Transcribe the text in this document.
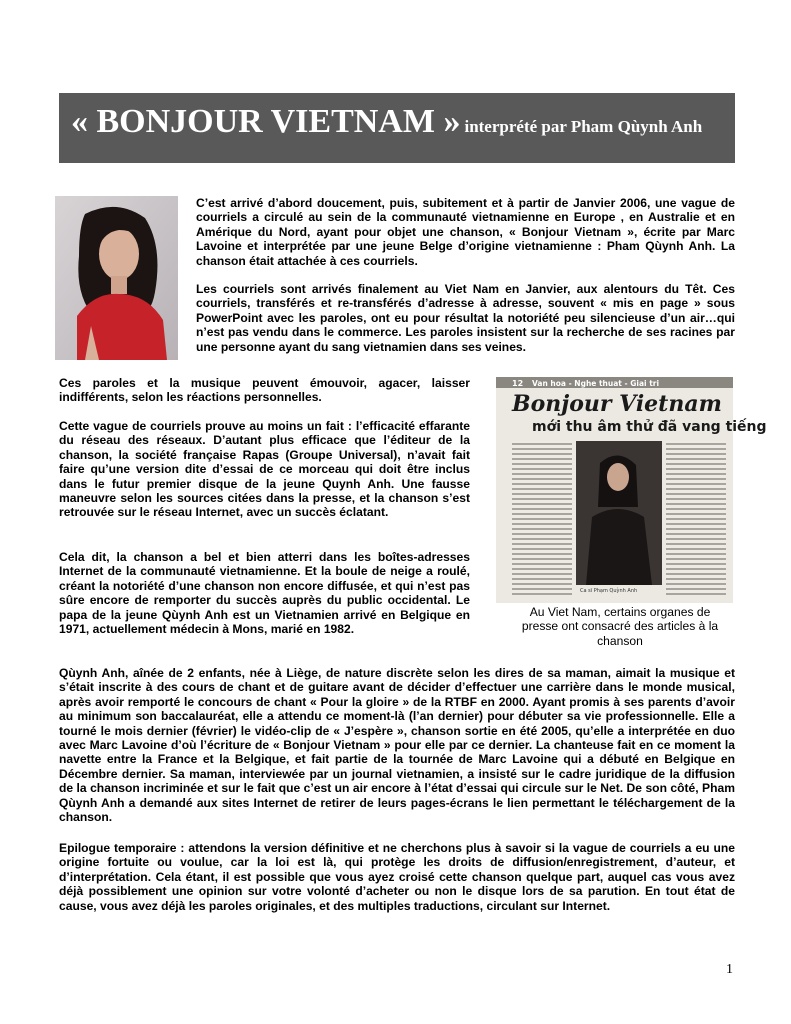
« BONJOUR VIETNAM » interprété par Pham Qùynh Anh

C’est arrivé d’abord doucement, puis, subitement et à partir de Janvier 2006, une vague de courriels a circulé au sein de la communauté vietnamienne en Europe , en Australie et en Amérique du Nord, ayant pour objet une chanson, « Bonjour Vietnam », écrite par Marc Lavoine et interprétée par une jeune Belge d’origine vietnamienne : Pham Qùynh Anh. La chanson était attachée à ces courriels.

Les courriels sont arrivés finalement au Viet Nam en Janvier, aux alentours du Têt. Ces courriels, transférés et re-transférés d’adresse à adresse, souvent « mis en page » sous PowerPoint avec les paroles, ont eu pour résultat la notoriété peu silencieuse d’un air…qui n’est pas vendu dans le commerce. Les paroles insistent sur la recherche de ses racines par une personne ayant du sang vietnamien dans ses veines.

Ces paroles et la musique peuvent émouvoir, agacer, laisser indifférents, selon les réactions personnelles.

Cette vague de courriels prouve au moins un fait : l’efficacité effarante du réseau des réseaux. D’autant plus efficace que l’éditeur de la chanson, la société française Rapas (Groupe Universal), n’avait fait faire qu’une version dite d’essai de ce morceau qui doit être inclus dans le futur premier disque de la jeune Quynh Anh. Une fausse maneuvre selon les sources citées dans la presse, et la chanson s’est retrouvée sur le réseau Internet, avec un succès éclatant.

Cela dit, la chanson a bel et bien atterri dans les boîtes-adresses Internet de la communauté vietnamienne. Et la boule de neige a roulé, créant la notoriété d’une chanson non encore diffusée, et qui n’est pas sûre encore de remporter du succès auprès du public occidental. Le papa de la jeune Qùynh Anh est un Vietnamien arrivé en Belgique en 1971, actuellement médecin à Mons, marié en 1982.

12 Van hoa - Nghe thuat - Giai tri
Bonjour Vietnam
mới thu âm thử đã vang tiếng
Ca sĩ Phạm Quỳnh Anh
Au Viet Nam, certains organes de presse ont consacré des articles à la chanson

Qùynh Anh, aînée de 2 enfants, née à Liège, de nature discrète selon les dires de sa maman, aimait la musique et s’était inscrite à des cours de chant et de guitare avant de décider d’effectuer une carrière dans le monde musical, après avoir remporté le concours de chant « Pour la gloire » de la RTBF en 2000. Ayant promis à ses parents d’avoir au minimum son baccalauréat, elle a attendu ce moment-là (l’an dernier) pour débuter sa vie professionnelle. Elle a tourné le mois dernier (février) le vidéo-clip de « J’espère », chanson sortie en été 2005, qu’elle a interprétée en duo avec Marc Lavoine d’où l’écriture de « Bonjour Vietnam » pour elle par ce dernier. La chanteuse fait en ce moment la navette entre la France et la Belgique, et fait partie de la tournée de Marc Lavoine qui a débuté en Belgique en Décembre dernier. Sa maman, interviewée par un journal vietnamien, a insisté sur le cadre juridique de la diffusion de la chanson incriminée et sur le fait que c’est un air encore à l’état d’essai qui circule sur le Net. De son côté, Pham Qùynh Anh a demandé aux sites Internet de retirer de leurs pages-écrans le lien permettant le téléchargement de la chanson.

Epilogue temporaire : attendons la version définitive et ne cherchons plus à savoir si la vague de courriels a eu une origine fortuite ou voulue, car la loi est là, qui protège les droits de diffusion/enregistrement, d’auteur, et d’interprétation. Cela étant, il est possible que vous ayez croisé cette chanson quelque part, auquel cas vous avez déjà possiblement une opinion sur votre volonté d’acheter ou non le disque lors de sa parution. En tout état de cause, vous avez déjà les paroles originales, et des multiples traductions, circulant sur Internet.

1
